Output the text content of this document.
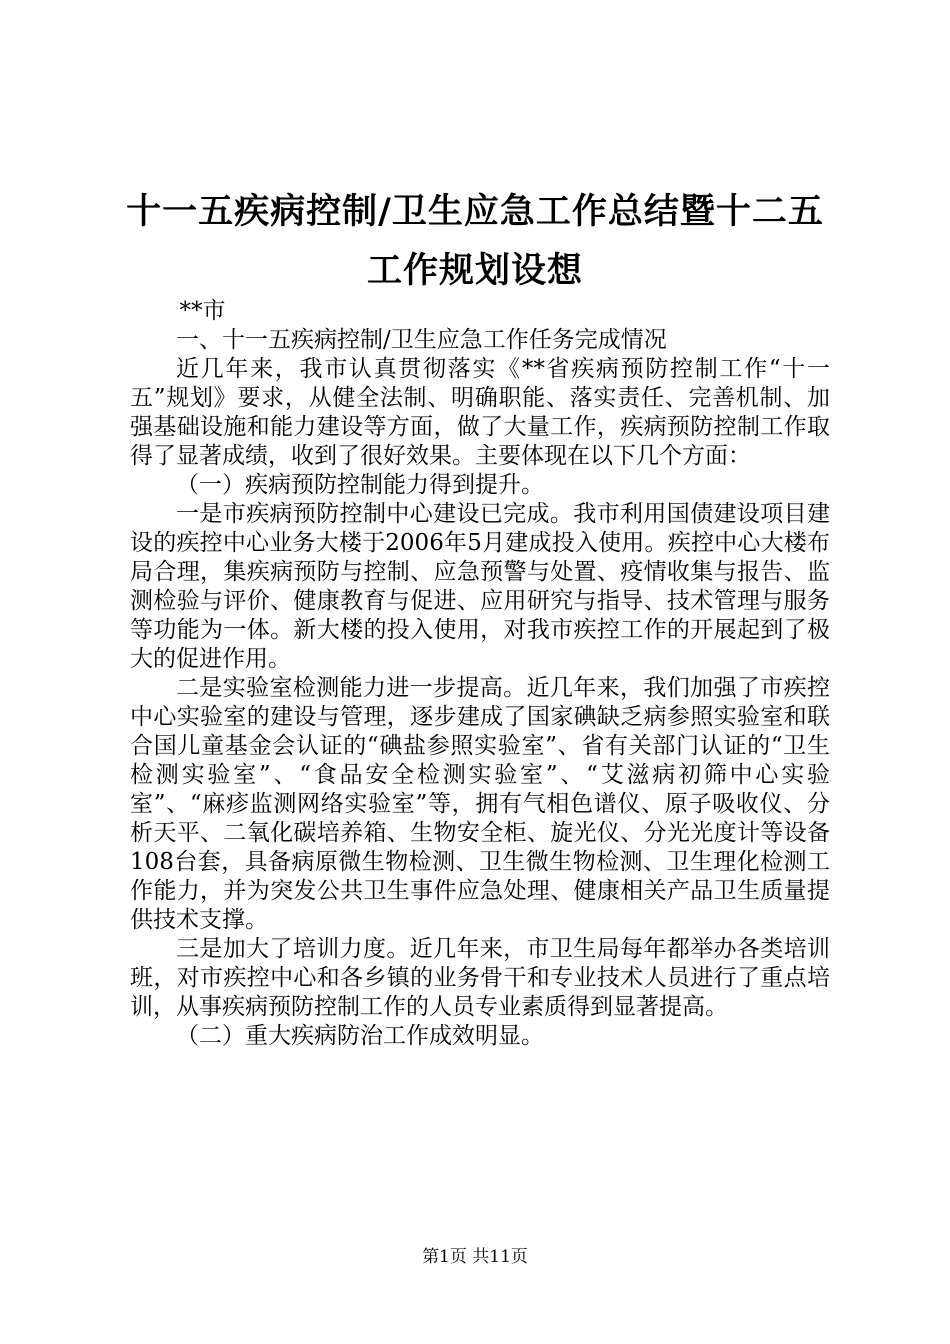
十一五疾病控制/卫生应急工作总结暨十二五
工作规划设想

**市

一、十一五疾病控制/卫生应急工作任务完成情况

近几年来，我市认真贯彻落实《**省疾病预防控制工作“十一五”规划》要求，从健全法制、明确职能、落实责任、完善机制、加强基础设施和能力建设等方面，做了大量工作，疾病预防控制工作取得了显著成绩，收到了很好效果。主要体现在以下几个方面：

（一）疾病预防控制能力得到提升。

一是市疾病预防控制中心建设已完成。我市利用国债建设项目建设的疾控中心业务大楼于2006年5月建成投入使用。疾控中心大楼布局合理，集疾病预防与控制、应急预警与处置、疫情收集与报告、监测检验与评价、健康教育与促进、应用研究与指导、技术管理与服务等功能为一体。新大楼的投入使用，对我市疾控工作的开展起到了极大的促进作用。

二是实验室检测能力进一步提高。近几年来，我们加强了市疾控中心实验室的建设与管理，逐步建成了国家碘缺乏病参照实验室和联合国儿童基金会认证的“碘盐参照实验室”、省有关部门认证的“卫生检测实验室”、“食品安全检测实验室”、“艾滋病初筛中心实验室”、“麻疹监测网络实验室”等，拥有气相色谱仪、原子吸收仪、分析天平、二氧化碳培养箱、生物安全柜、旋光仪、分光光度计等设备108台套，具备病原微生物检测、卫生微生物检测、卫生理化检测工作能力，并为突发公共卫生事件应急处理、健康相关产品卫生质量提供技术支撑。

三是加大了培训力度。近几年来，市卫生局每年都举办各类培训班，对市疾控中心和各乡镇的业务骨干和专业技术人员进行了重点培训，从事疾病预防控制工作的人员专业素质得到显著提高。

（二）重大疾病防治工作成效明显。

第1页 共11页
